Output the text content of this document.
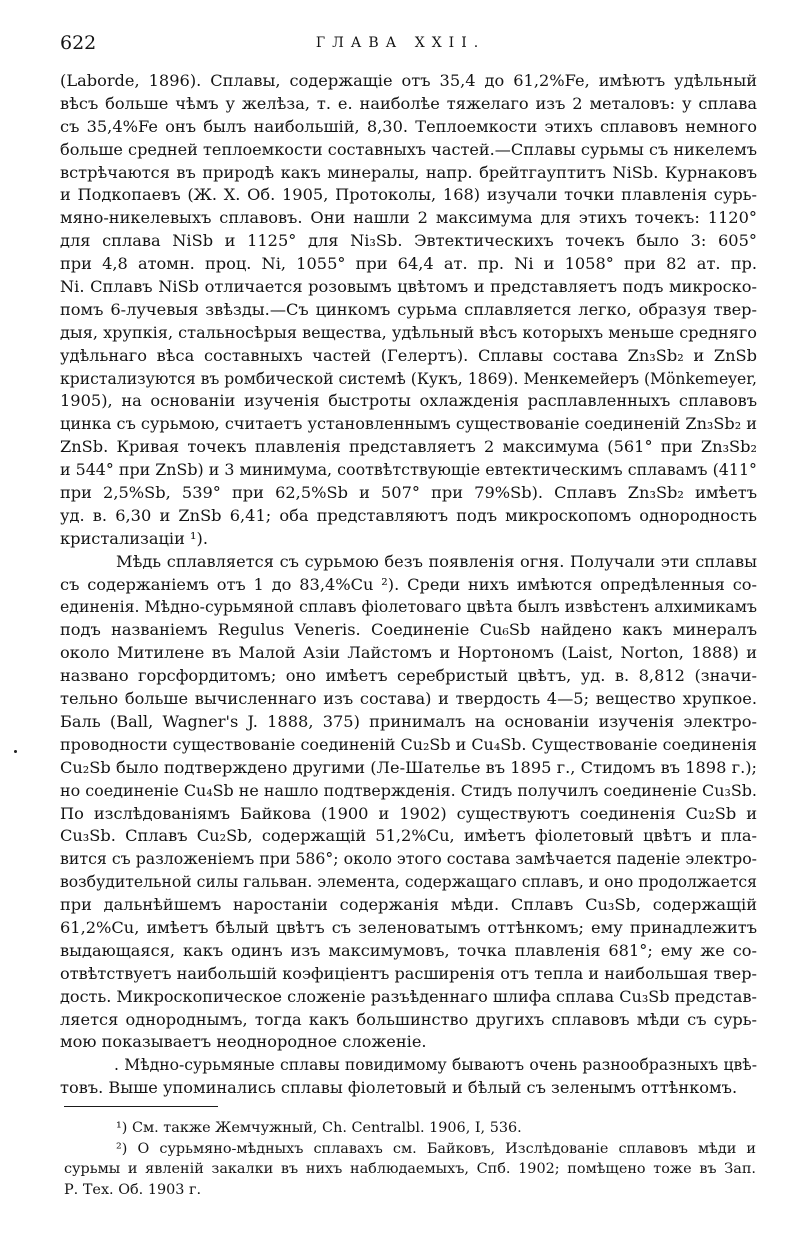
622	ГЛАВА XXII.
(Laborde, 1896). Сплавы, содержащіе отъ 35,4 до 61,2%Fe, имѣютъ удѣльный
вѣсъ больше чѣмъ у желѣза, т. е. наиболѣе тяжелаго изъ 2 металовъ: у сплава
съ 35,4%Fe онъ былъ наибольшій, 8,30. Теплоемкости этихъ сплавовъ немного
больше средней теплоемкости составныхъ частей.—Сплавы сурьмы съ никелемъ
встрѣчаются въ природѣ какъ минералы, напр. брейтгауптитъ NiSb. Курнаковъ
и Подкопаевъ (Ж. Х. Об. 1905, Протоколы, 168) изучали точки плавленія сурь-
мяно-никелевыхъ сплавовъ. Они нашли 2 максимума для этихъ точекъ: 1120°
для сплава NiSb и 1125° для Ni₃Sb. Эвтектическихъ точекъ было 3: 605°
при 4,8 атомн. проц. Ni, 1055° при 64,4 ат. пр. Ni и 1058° при 82 ат. пр.
Ni. Сплавъ NiSb отличается розовымъ цвѣтомъ и представляетъ подъ микроско-
помъ 6-лучевыя звѣзды.—Съ цинкомъ сурьма сплавляется легко, образуя твер-
дыя, хрупкія, стальносѣрыя вещества, удѣльный вѣсъ которыхъ меньше средняго
удѣльнаго вѣса составныхъ частей (Гелертъ). Сплавы состава Zn₃Sb₂ и ZnSb
кристализуются въ ромбической системѣ (Кукъ, 1869). Менкемейеръ (Mönkemeyer,
1905), на основаніи изученія быстроты охлажденія расплавленныхъ сплавовъ
цинка съ сурьмою, считаетъ установленнымъ существованіе соединеній Zn₃Sb₂ и
ZnSb. Кривая точекъ плавленія представляетъ 2 максимума (561° при Zn₃Sb₂
и 544° при ZnSb) и 3 минимума, соотвѣтствующіе евтектическимъ сплавамъ (411°
при 2,5%Sb, 539° при 62,5%Sb и 507° при 79%Sb). Сплавъ Zn₃Sb₂ имѣетъ
уд. в. 6,30 и ZnSb 6,41; оба представляютъ подъ микроскопомъ однородность
кристализаціи ¹).
Мѣдь сплавляется съ сурьмою безъ появленія огня. Получали эти сплавы
съ содержаніемъ отъ 1 до 83,4%Cu ²). Среди нихъ имѣются опредѣленныя со-
единенія. Мѣдно-сурьмяной сплавъ фіолетоваго цвѣта былъ извѣстенъ алхимикамъ
подъ названіемъ Regulus Veneris. Соединеніе Cu₆Sb найдено какъ минералъ
около Митилене въ Малой Азіи Лайстомъ и Нортономъ (Laist, Norton, 1888) и
названо горсфордитомъ; оно имѣетъ серебристый цвѣтъ, уд. в. 8,812 (значи-
тельно больше вычисленнаго изъ состава) и твердость 4—5; вещество хрупкое.
Баль (Ball, Wagner's J. 1888, 375) принималъ на основаніи изученія электро-
проводности существованіе соединеній Cu₂Sb и Cu₄Sb. Существованіе соединенія
Cu₂Sb было подтверждено другими (Ле-Шателье въ 1895 г., Стидомъ въ 1898 г.);
но соединеніе Cu₄Sb не нашло подтвержденія. Стидъ получилъ соединеніе Cu₃Sb.
По изслѣдованіямъ Байкова (1900 и 1902) существуютъ соединенія Cu₂Sb и
Cu₃Sb. Сплавъ Cu₂Sb, содержащій 51,2%Cu, имѣетъ фіолетовый цвѣтъ и пла-
вится съ разложеніемъ при 586°; около этого состава замѣчается паденіе электро-
возбудительной силы гальван. элемента, содержащаго сплавъ, и оно продолжается
при дальнѣйшемъ наростаніи содержанія мѣди. Сплавъ Cu₃Sb, содержащій
61,2%Cu, имѣетъ бѣлый цвѣтъ съ зеленоватымъ оттѣнкомъ; ему принадлежитъ
выдающаяся, какъ одинъ изъ максимумовъ, точка плавленія 681°; ему же со-
отвѣтствуетъ наибольшій коэфиціентъ расширенія отъ тепла и наибольшая твер-
дость. Микроскопическое сложеніе разъѣденнаго шлифа сплава Cu₃Sb представ-
ляется однороднымъ, тогда какъ большинство другихъ сплавовъ мѣди съ сурь-
мою показываетъ неоднородное сложеніе.
. Мѣдно-сурьмяные сплавы повидимому бываютъ очень разнообразныхъ цвѣ-
товъ. Выше упоминались сплавы фіолетовый и бѣлый съ зеленымъ оттѣнкомъ.
¹) См. также Жемчужный, Ch. Centralbl. 1906, I, 536.
²) О сурьмяно-мѣдныхъ сплавахъ см. Байковъ, Изслѣдованіе сплавовъ мѣди и
сурьмы и явленій закалки въ нихъ наблюдаемыхъ, Спб. 1902; помѣщено тоже въ Зап.
Р. Тех. Об. 1903 г.
